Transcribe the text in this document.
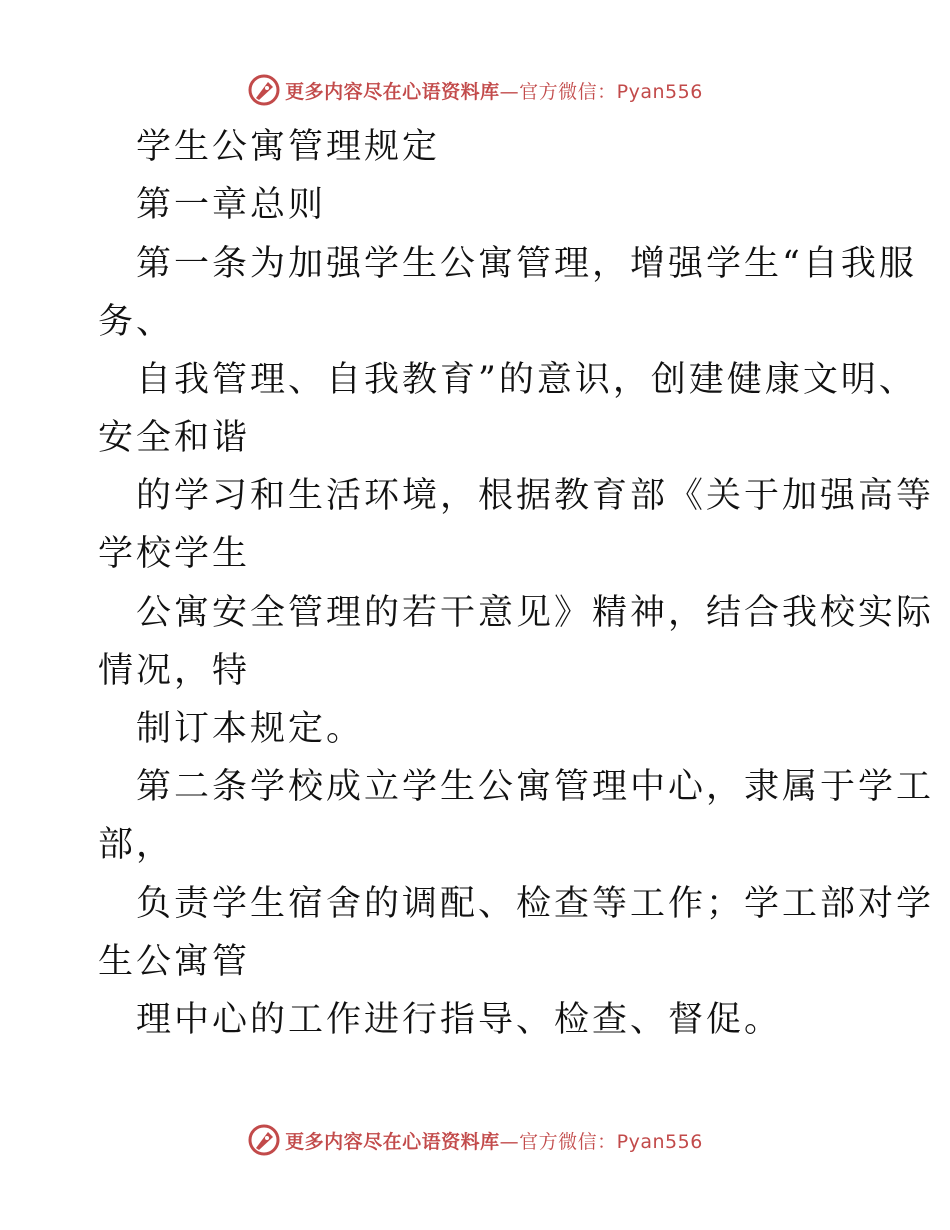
更多内容尽在心语资料库 —官方微信：Pyan556
学生公寓管理规定
第一章总则
第一条为加强学生公寓管理，增强学生“自我服
务、
自我管理、自我教育”的意识，创建健康文明、
安全和谐
的学习和生活环境，根据教育部《关于加强高等
学校学生
公寓安全管理的若干意见》精神，结合我校实际
情况，特
制订本规定。
第二条学校成立学生公寓管理中心，隶属于学工
部，
负责学生宿舍的调配、检查等工作；学工部对学
生公寓管
理中心的工作进行指导、检查、督促。
更多内容尽在心语资料库 —官方微信：Pyan556
